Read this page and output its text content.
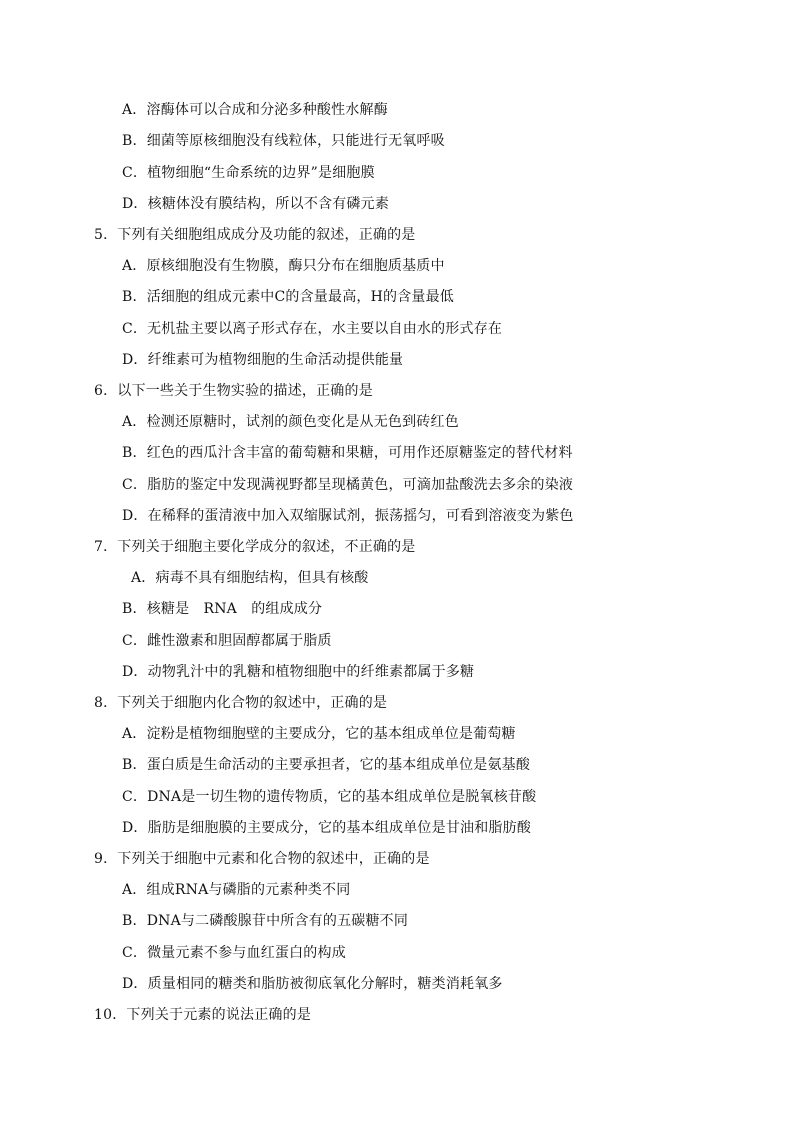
A．溶酶体可以合成和分泌多种酸性水解酶
B．细菌等原核细胞没有线粒体，只能进行无氧呼吸
C．植物细胞“生命系统的边界”是细胞膜
D．核糖体没有膜结构，所以不含有磷元素
5．下列有关细胞组成成分及功能的叙述，正确的是
A．原核细胞没有生物膜，酶只分布在细胞质基质中
B．活细胞的组成元素中C的含量最高，H的含量最低
C．无机盐主要以离子形式存在，水主要以自由水的形式存在
D．纤维素可为植物细胞的生命活动提供能量
6．以下一些关于生物实验的描述，正确的是
A．检测还原糖时，试剂的颜色变化是从无色到砖红色
B．红色的西瓜汁含丰富的葡萄糖和果糖，可用作还原糖鉴定的替代材料
C．脂肪的鉴定中发现满视野都呈现橘黄色，可滴加盐酸洗去多余的染液
D．在稀释的蛋清液中加入双缩脲试剂，振荡摇匀，可看到溶液变为紫色
7．下列关于细胞主要化学成分的叙述，不正确的是
A．病毒不具有细胞结构，但具有核酸
B．核糖是　RNA　的组成成分
C．雌性激素和胆固醇都属于脂质
D．动物乳汁中的乳糖和植物细胞中的纤维素都属于多糖
8．下列关于细胞内化合物的叙述中，正确的是
A．淀粉是植物细胞壁的主要成分，它的基本组成单位是葡萄糖
B．蛋白质是生命活动的主要承担者，它的基本组成单位是氨基酸
C．DNA是一切生物的遗传物质，它的基本组成单位是脱氧核苷酸
D．脂肪是细胞膜的主要成分，它的基本组成单位是甘油和脂肪酸
9．下列关于细胞中元素和化合物的叙述中，正确的是
A．组成RNA与磷脂的元素种类不同
B．DNA与二磷酸腺苷中所含有的五碳糖不同
C．微量元素不参与血红蛋白的构成
D．质量相同的糖类和脂肪被彻底氧化分解时，糖类消耗氧多
10．下列关于元素的说法正确的是
